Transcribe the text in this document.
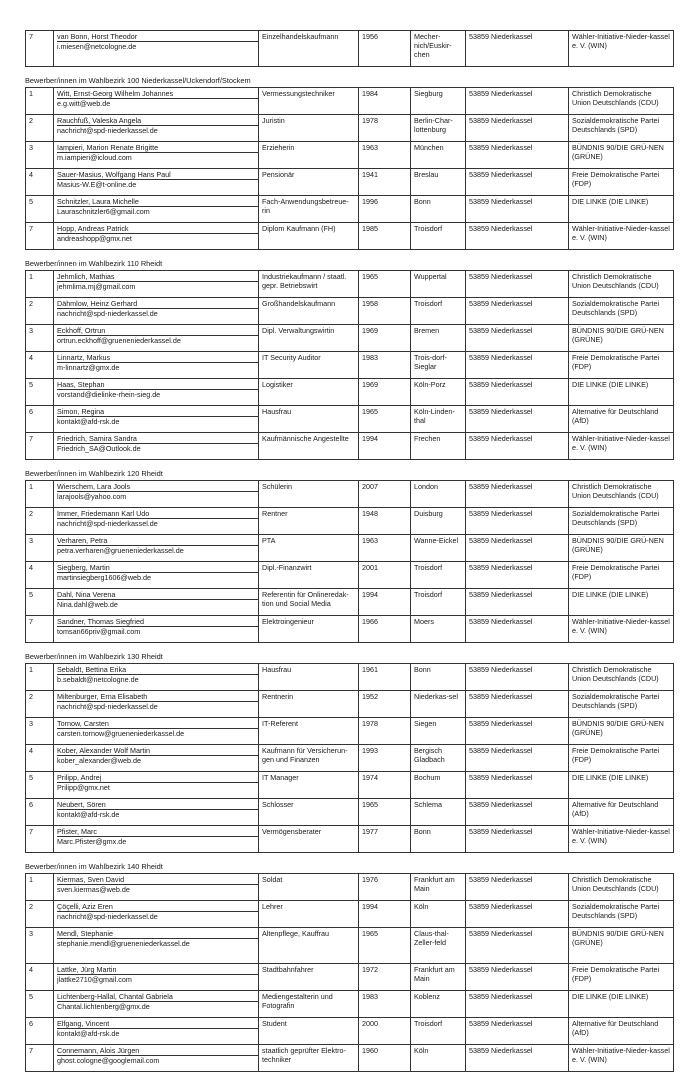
7	van Bonn, Horst Theodor
i.miesen@netcologne.de
	Einzelhandelskaufmann	1956	Mecher-nich/Euskir-chen	53859 Niederkassel	Wähler-Initiative-Nieder-kassel e. V. (WIN)
Bewerber/innen im Wahlbezirk 100 Niederkassel/Uckendorf/Stockem
1	Witt, Ernst-Georg Wilhelm Johannes
e.g.witt@web.de	Vermessungstechniker	1984	Siegburg	53859 Niederkassel	Christlich Demokratische Union Deutschlands (CDU)
2	Rauchfuß, Valeska Angela
nachricht@spd-niederkassel.de	Juristin	1978	Berlin-Char-lottenburg	53859 Niederkassel	Sozialdemokratische Partei Deutschlands (SPD)
3	Iampieri, Marion Renate Brigitte
m.iampieri@icloud.com	Erzieherin	1963	München	53859 Niederkassel	BÜNDNIS 90/DIE GRÜ-NEN (GRÜNE)
4	Sauer-Masius, Wolfgang Hans Paul
Masius-W.E@t-online.de	Pensionär	1941	Breslau	53859 Niederkassel	Freie Demokratische Partei (FDP)
5	Schnitzler, Laura Michelle
Lauraschnitzler6@gmail.com	Fach-Anwendungsbetreue-rin	1996	Bonn	53859 Niederkassel	DIE LINKE (DIE LINKE)
7	Hopp, Andreas Patrick
andreashopp@gmx.net	Diplom Kaufmann (FH)	1985	Troisdorf	53859 Niederkassel	Wähler-Initiative-Nieder-kassel e. V. (WIN)
Bewerber/innen im Wahlbezirk 110 Rheidt
1	Jehmlich, Mathias
jehmlima.mj@gmail.com	Industriekaufmann / staatl. gepr. Betriebswirt	1965	Wuppertal	53859 Niederkassel	Christlich Demokratische Union Deutschlands (CDU)
2	Dähmlow, Heinz Gerhard
nachricht@spd-niederkassel.de	Großhandelskaufmann	1958	Troisdorf	53859 Niederkassel	Sozialdemokratische Partei Deutschlands (SPD)
3	Eckhoff, Ortrun
ortrun.eckhoff@grueneniederkassel.de	Dipl. Verwaltungswirtin	1969	Bremen	53859 Niederkassel	BÜNDNIS 90/DIE GRÜ-NEN (GRÜNE)
4	Linnartz, Markus
m-linnartz@gmx.de	IT Security Auditor	1983	Trois-dorf-Sieglar	53859 Niederkassel	Freie Demokratische Partei (FDP)
5	Haas, Stephan
vorstand@dielinke-rhein-sieg.de	Logistiker	1969	Köln-Porz	53859 Niederkassel	DIE LINKE (DIE LINKE)
6	Simon, Regina
kontakt@afd-rsk.de	Hausfrau	1965	Köln-Linden-thal	53859 Niederkassel	Alternative für Deutschland (AfD)
7	Friedrich, Samira Sandra
Friedrich_SA@Outlook.de	Kaufmännische Angestellte	1994	Frechen	53859 Niederkassel	Wähler-Initiative-Nieder-kassel e. V. (WIN)
Bewerber/innen im Wahlbezirk 120 Rheidt
1	Wierschem, Lara Jools
larajools@yahoo.com	Schülerin	2007	London	53859 Niederkassel	Christlich Demokratische Union Deutschlands (CDU)
2	Immer, Friedemann Karl Udo
nachricht@spd-niederkassel.de	Rentner	1948	Duisburg	53859 Niederkassel	Sozialdemokratische Partei Deutschlands (SPD)
3	Verharen, Petra
petra.verharen@grueneniederkassel.de	PTA	1963	Wanne-Eickel	53859 Niederkassel	BÜNDNIS 90/DIE GRÜ-NEN (GRÜNE)
4	Siegberg, Martin
martinsiegberg1606@web.de	Dipl.-Finanzwirt	2001	Troisdorf	53859 Niederkassel	Freie Demokratische Partei (FDP)
5	Dahl, Nina Verena
Nina.dahl@web.de	Referentin für Onlineredak-tion und Social Media	1994	Troisdorf	53859 Niederkassel	DIE LINKE (DIE LINKE)
7	Sandner, Thomas Siegfried
tomsan66priv@gmail.com	Elektroingenieur	1966	Moers	53859 Niederkassel	Wähler-Initiative-Nieder-kassel e. V. (WIN)
Bewerber/innen im Wahlbezirk 130 Rheidt
1	Sebaldt, Bettina Erika
b.sebaldt@netcologne.de	Hausfrau	1961	Bonn	53859 Niederkassel	Christlich Demokratische Union Deutschlands (CDU)
2	Miltenburger, Erna Elisabeth
nachricht@spd-niederkassel.de	Rentnerin	1952	Niederkas-sel	53859 Niederkassel	Sozialdemokratische Partei Deutschlands (SPD)
3	Tornow, Carsten
carsten.tornow@grueneniederkassel.de	IT-Referent	1978	Siegen	53859 Niederkassel	BÜNDNIS 90/DIE GRÜ-NEN (GRÜNE)
4	Kober, Alexander Wolf Martin
kober_alexander@web.de	Kaufmann für Versicherun-gen und Finanzen	1993	Bergisch Gladbach	53859 Niederkassel	Freie Demokratische Partei (FDP)
5	Prilipp, Andrej
Prilipp@gmx.net	IT Manager	1974	Bochum	53859 Niederkassel	DIE LINKE (DIE LINKE)
6	Neubert, Sören
kontakt@afd-rsk.de	Schlosser	1965	Schlema	53859 Niederkassel	Alternative für Deutschland (AfD)
7	Pfister, Marc
Marc.Pfister@gmx.de	Vermögensberater	1977	Bonn	53859 Niederkassel	Wähler-Initiative-Nieder-kassel e. V. (WIN)
Bewerber/innen im Wahlbezirk 140 Rheidt
1	Kiermas, Sven David
sven.kiermas@web.de	Soldat	1976	Frankfurt am Main	53859 Niederkassel	Christlich Demokratische Union Deutschlands (CDU)
2	Çöçelli, Aziz Eren
nachricht@spd-niederkassel.de	Lehrer	1994	Köln	53859 Niederkassel	Sozialdemokratische Partei Deutschlands (SPD)
3	Mendl, Stephanie
stephanie.mendl@grueneniederkassel.de	Altenpflege, Kauffrau	1965	Claus-thal-Zeller-feld	53859 Niederkassel	BÜNDNIS 90/DIE GRÜ-NEN (GRÜNE)
4	Lattke, Jürg Martin
jlattke2710@gmail.com	Stadtbahnfahrer	1972	Frankfurt am Main	53859 Niederkassel	Freie Demokratische Partei (FDP)
5	Lichtenberg-Hallal, Chantal Gabriela
Chantal.lichtenberg@gmx.de	Mediengestalterin und Fotografin	1983	Koblenz	53859 Niederkassel	DIE LINKE (DIE LINKE)
6	Elfgang, Vincent
kontakt@afd-rsk.de	Student	2000	Troisdorf	53859 Niederkassel	Alternative für Deutschland (AfD)
7	Connemann, Alois Jürgen
ghost.cologne@googlemail.com	staatlich geprüfter Elektro-techniker	1960	Köln	53859 Niederkassel	Wähler-Initiative-Nieder-kassel e. V. (WIN)
